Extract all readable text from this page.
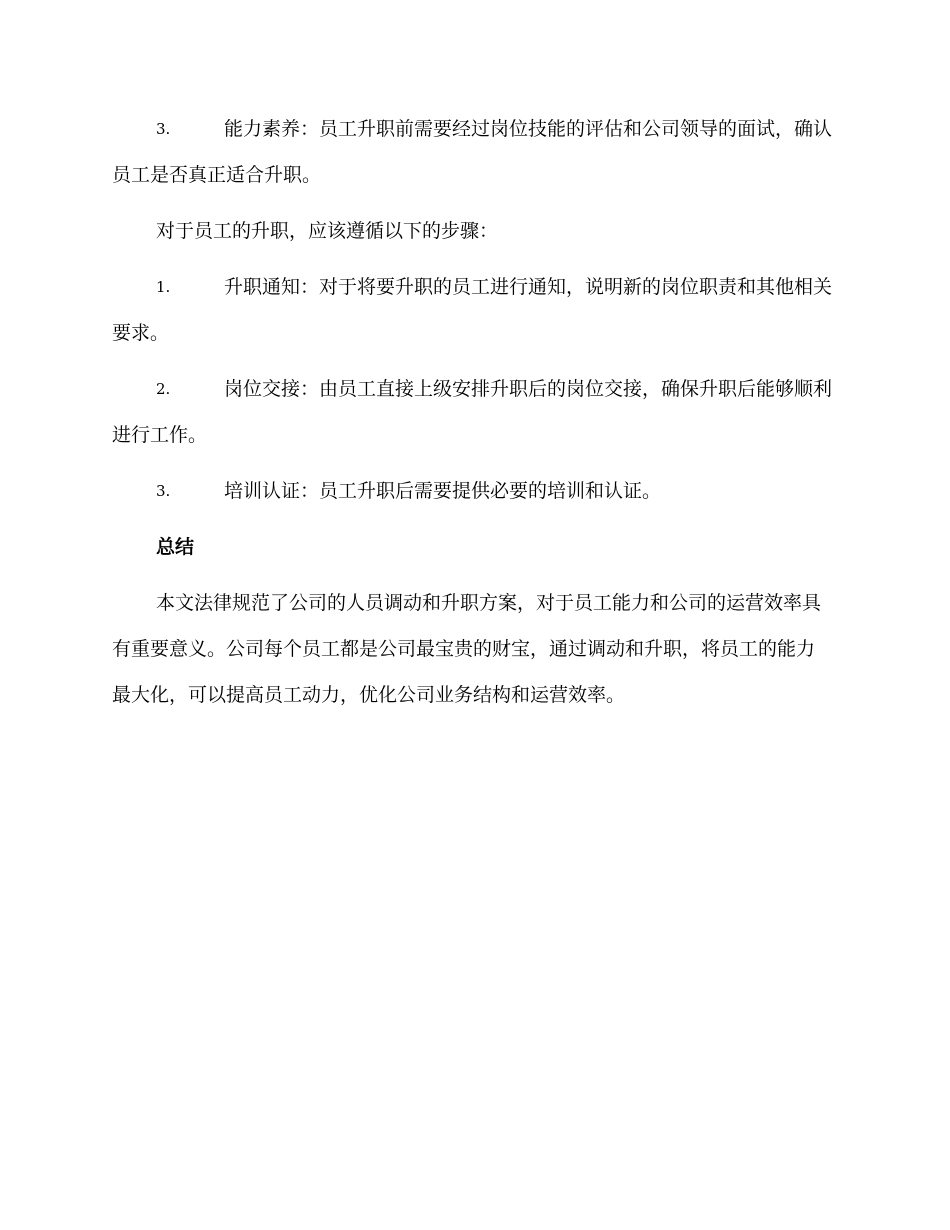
3.	能力素养：员工升职前需要经过岗位技能的评估和公司领导的面试，确认员工是否真正适合升职。

对于员工的升职，应该遵循以下的步骤：

1.	升职通知：对于将要升职的员工进行通知，说明新的岗位职责和其他相关要求。
2.	岗位交接：由员工直接上级安排升职后的岗位交接，确保升职后能够顺利进行工作。
3.	培训认证：员工升职后需要提供必要的培训和认证。
总结

本文法律规范了公司的人员调动和升职方案，对于员工能力和公司的运营效率具有重要意义。公司每个员工都是公司最宝贵的财宝，通过调动和升职，将员工的能力最大化，可以提高员工动力，优化公司业务结构和运营效率。
